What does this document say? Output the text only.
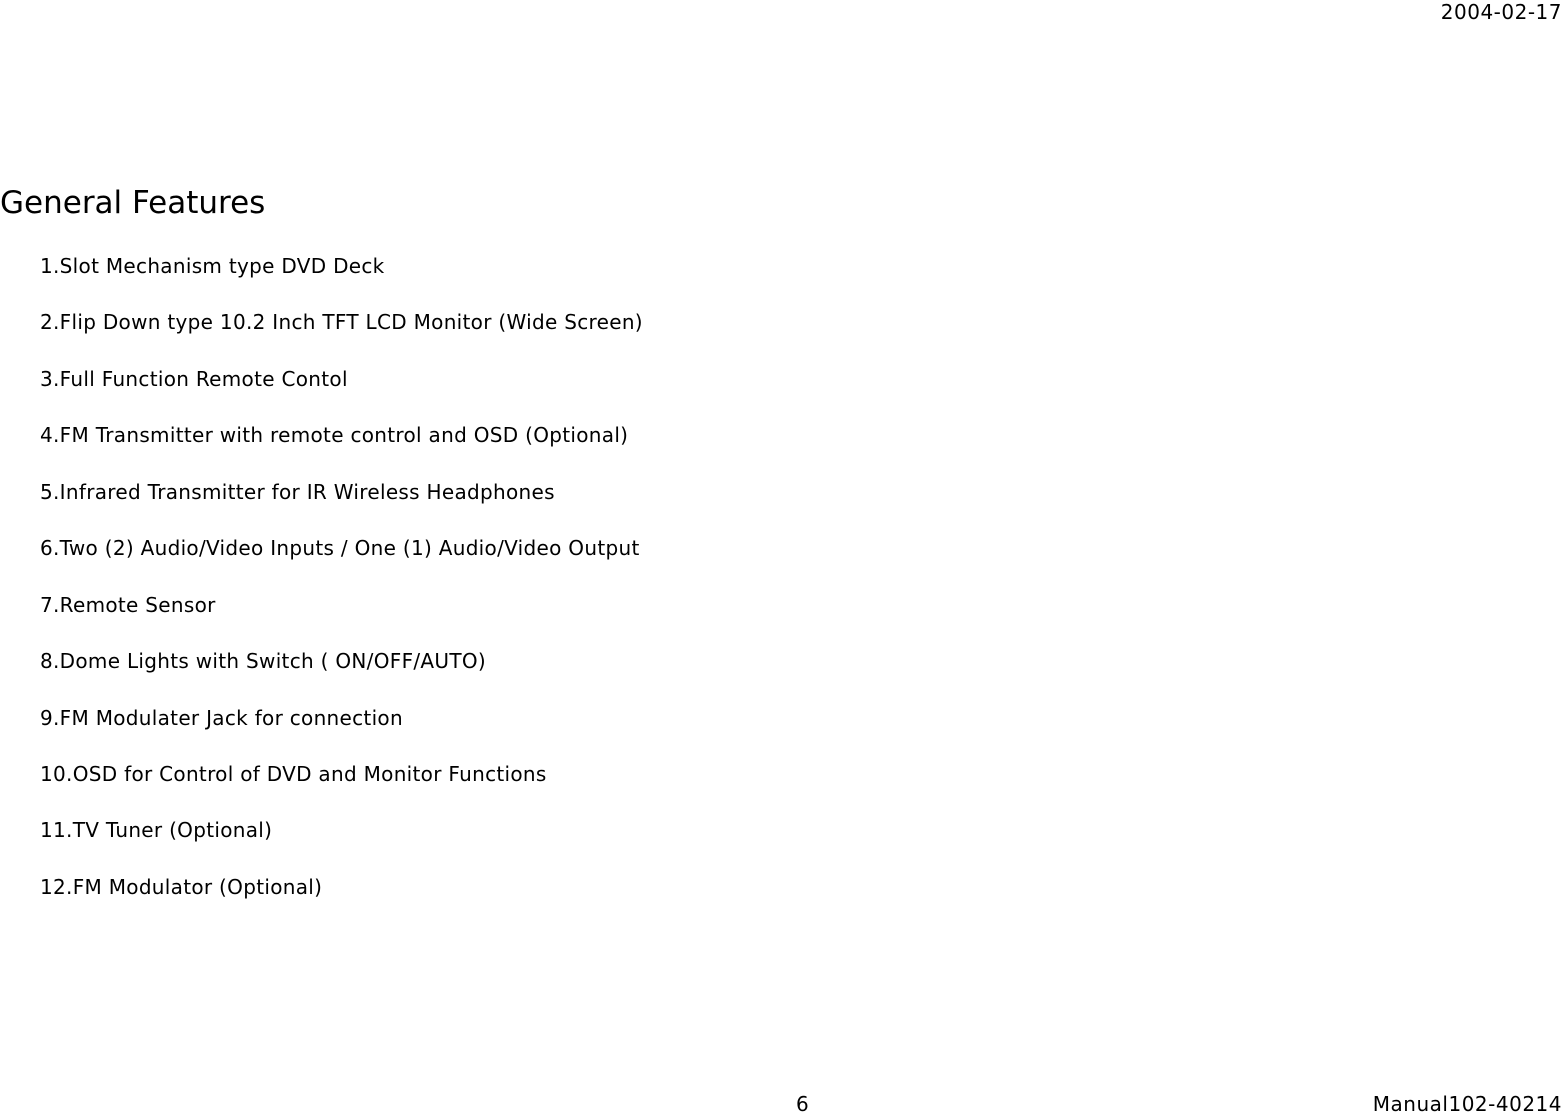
2004-02-17
General Features
1.Slot Mechanism type DVD Deck
2.Flip Down type 10.2 Inch TFT LCD Monitor (Wide Screen)
3.Full Function Remote Contol
4.FM Transmitter with remote control and OSD (Optional)
5.Infrared Transmitter for IR Wireless Headphones
6.Two (2) Audio/Video Inputs / One (1) Audio/Video Output
7.Remote Sensor
8.Dome Lights with Switch ( ON/OFF/AUTO)
9.FM Modulater Jack for connection
10.OSD for Control of DVD and Monitor Functions
11.TV Tuner (Optional)
12.FM Modulator (Optional)
6	Manual102-40214
